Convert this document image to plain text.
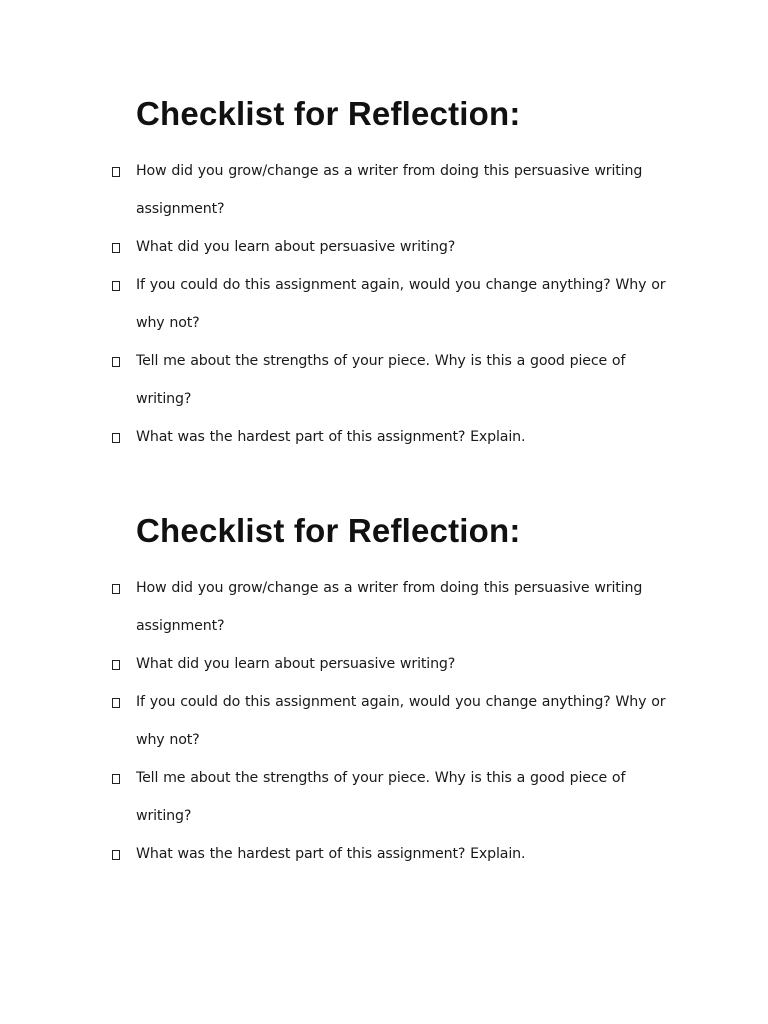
Checklist for Reflection:
How did you grow/change as a writer from doing this persuasive writing assignment?
What did you learn about persuasive writing?
If you could do this assignment again, would you change anything? Why or why not?
Tell me about the strengths of your piece. Why is this a good piece of writing?
What was the hardest part of this assignment? Explain.
Checklist for Reflection:
How did you grow/change as a writer from doing this persuasive writing assignment?
What did you learn about persuasive writing?
If you could do this assignment again, would you change anything? Why or why not?
Tell me about the strengths of your piece. Why is this a good piece of writing?
What was the hardest part of this assignment? Explain.
